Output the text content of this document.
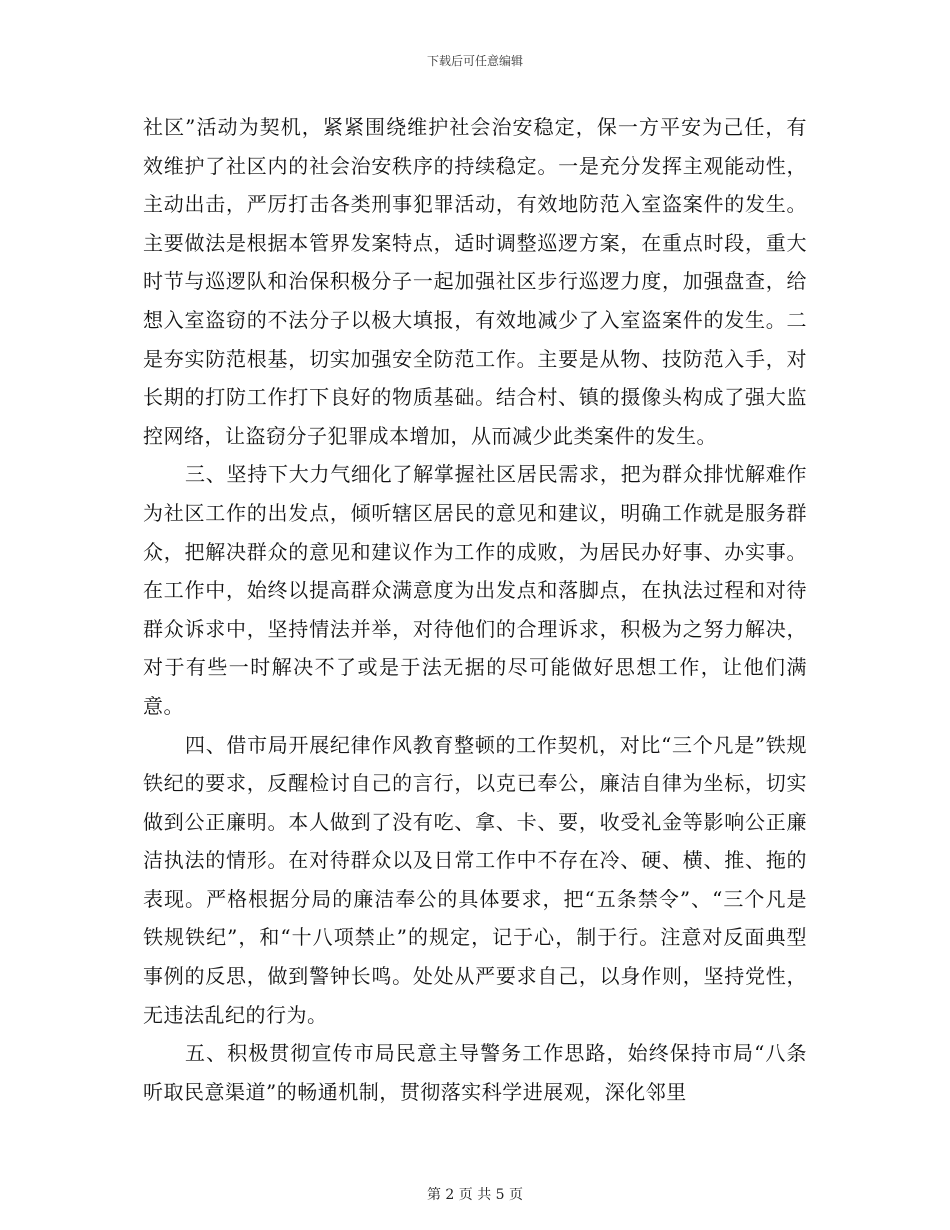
下载后可任意编辑

社区”活动为契机，紧紧围绕维护社会治安稳定，保一方平安为己任，有效维护了社区内的社会治安秩序的持续稳定。一是充分发挥主观能动性，主动出击，严厉打击各类刑事犯罪活动，有效地防范入室盗案件的发生。主要做法是根据本管界发案特点，适时调整巡逻方案，在重点时段，重大时节与巡逻队和治保积极分子一起加强社区步行巡逻力度，加强盘查，给想入室盗窃的不法分子以极大填报，有效地减少了入室盗案件的发生。二是夯实防范根基，切实加强安全防范工作。主要是从物、技防范入手，对长期的打防工作打下良好的物质基础。结合村、镇的摄像头构成了强大监控网络，让盗窃分子犯罪成本增加，从而减少此类案件的发生。

三、坚持下大力气细化了解掌握社区居民需求，把为群众排忧解难作为社区工作的出发点，倾听辖区居民的意见和建议，明确工作就是服务群众，把解决群众的意见和建议作为工作的成败，为居民办好事、办实事。在工作中，始终以提高群众满意度为出发点和落脚点，在执法过程和对待群众诉求中，坚持情法并举，对待他们的合理诉求，积极为之努力解决，对于有些一时解决不了或是于法无据的尽可能做好思想工作，让他们满意。

四、借市局开展纪律作风教育整顿的工作契机，对比“三个凡是”铁规铁纪的要求，反醒检讨自己的言行，以克已奉公，廉洁自律为坐标，切实做到公正廉明。本人做到了没有吃、拿、卡、要，收受礼金等影响公正廉洁执法的情形。在对待群众以及日常工作中不存在冷、硬、横、推、拖的表现。严格根据分局的廉洁奉公的具体要求，把“五条禁令”、“三个凡是铁规铁纪”，和“十八项禁止”的规定，记于心，制于行。注意对反面典型事例的反思，做到警钟长鸣。处处从严要求自己，以身作则，坚持党性，无违法乱纪的行为。

五、积极贯彻宣传市局民意主导警务工作思路，始终保持市局“八条听取民意渠道”的畅通机制，贯彻落实科学进展观，深化邻里

第 2 页 共 5 页
